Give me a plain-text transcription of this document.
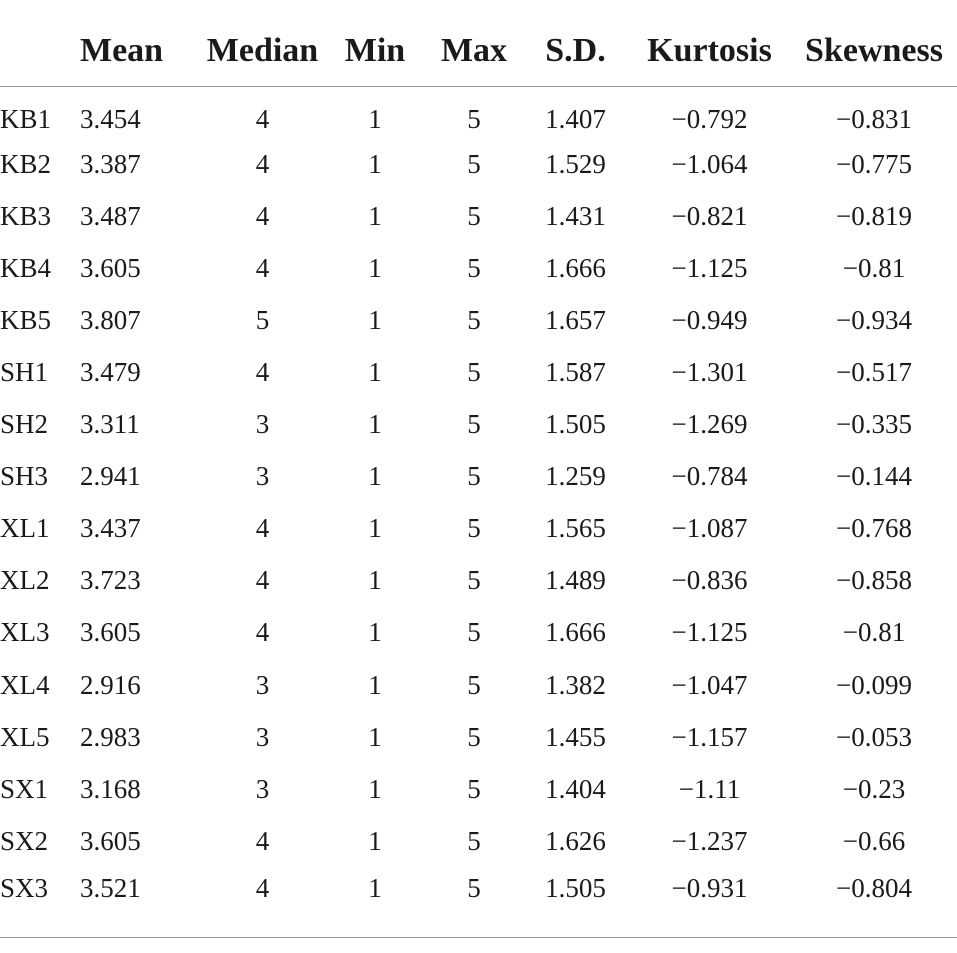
	Mean	Median	Min	Max	S.D.	Kurtosis	Skewness
KB1	3.454	4	1	5	1.407	−0.792	−0.831
KB2	3.387	4	1	5	1.529	−1.064	−0.775
KB3	3.487	4	1	5	1.431	−0.821	−0.819
KB4	3.605	4	1	5	1.666	−1.125	−0.81
KB5	3.807	5	1	5	1.657	−0.949	−0.934
SH1	3.479	4	1	5	1.587	−1.301	−0.517
SH2	3.311	3	1	5	1.505	−1.269	−0.335
SH3	2.941	3	1	5	1.259	−0.784	−0.144
XL1	3.437	4	1	5	1.565	−1.087	−0.768
XL2	3.723	4	1	5	1.489	−0.836	−0.858
XL3	3.605	4	1	5	1.666	−1.125	−0.81
XL4	2.916	3	1	5	1.382	−1.047	−0.099
XL5	2.983	3	1	5	1.455	−1.157	−0.053
SX1	3.168	3	1	5	1.404	−1.11	−0.23
SX2	3.605	4	1	5	1.626	−1.237	−0.66
SX3	3.521	4	1	5	1.505	−0.931	−0.804
